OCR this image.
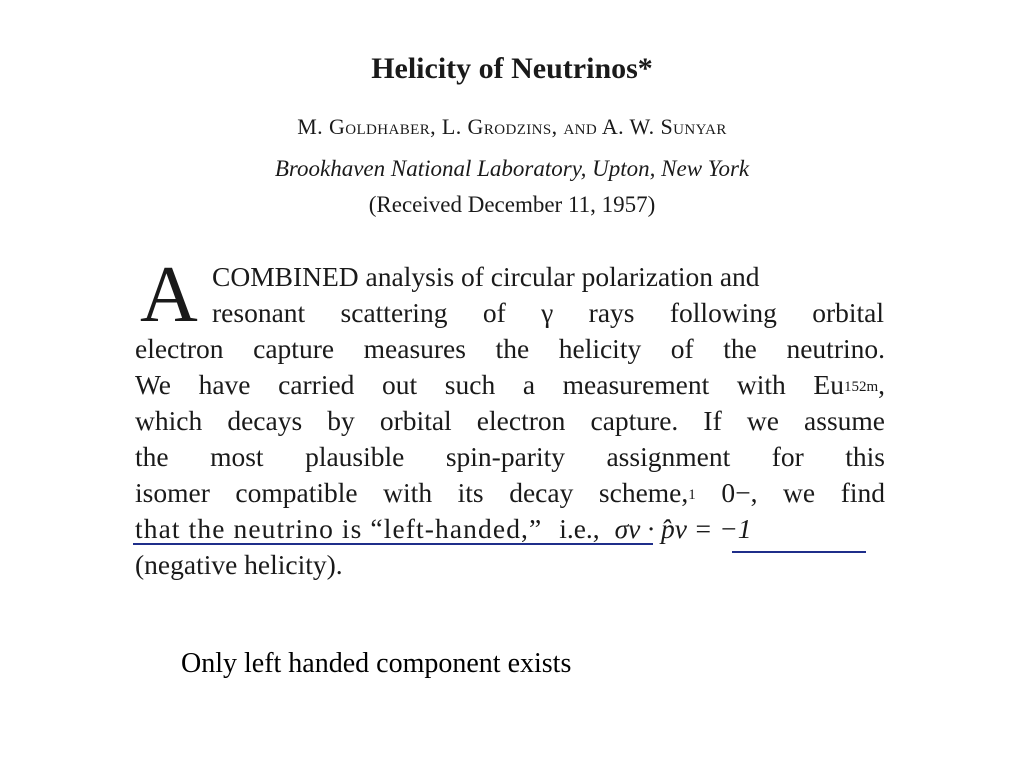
Helicity of Neutrinos*
M. Goldhaber, L. Grodzins, and A. W. Sunyar
Brookhaven National Laboratory, Upton, New York
(Received December 11, 1957)
A COMBINED analysis of circular polarization and
resonant scattering of γ rays following orbital
electron capture measures the helicity of the neutrino.
We have carried out such a measurement with $Eu^{152m}$,
which decays by orbital electron capture. If we assume
the most plausible spin-parity assignment for this
isomer compatible with its decay scheme,$^1$ 0−, we find
that the neutrino is “left-handed,” i.e., σν · p̂ν = −1
(negative helicity).
Only left handed component exists
